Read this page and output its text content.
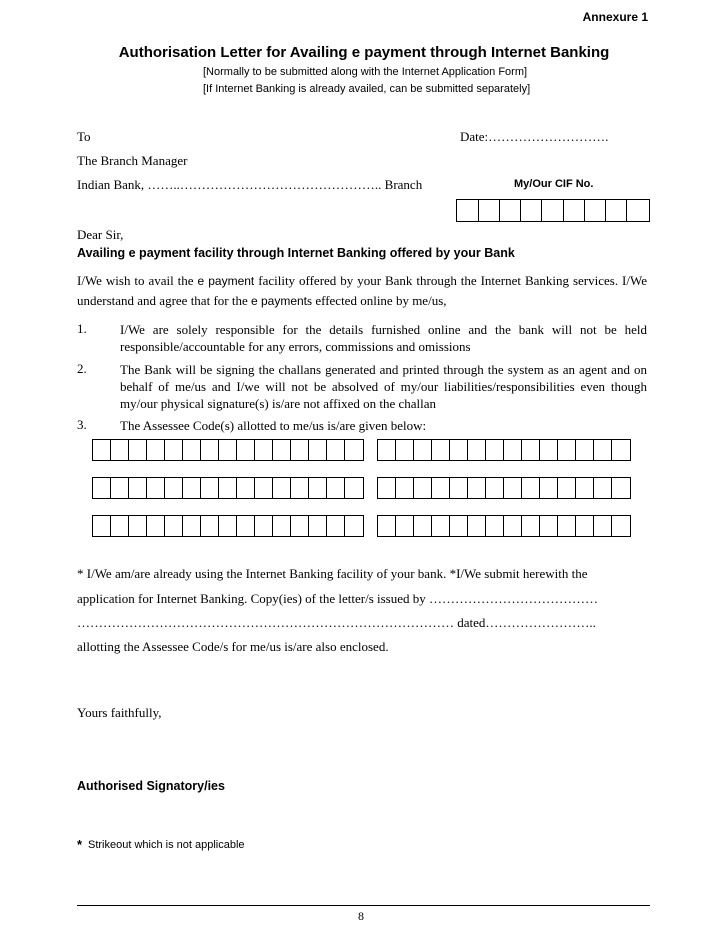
Annexure 1
Authorisation Letter for Availing e payment through Internet Banking
[Normally to be submitted along with the Internet Application Form]
[If Internet Banking is already availed, can be submitted separately]
To	Date:……………………….
The Branch Manager
Indian Bank, ……..……………………………………….. Branch	My/Our CIF No.
Dear Sir,
Availing e payment facility through Internet Banking offered by your Bank
I/We wish to avail the e payment facility offered by your Bank through the Internet Banking services. I/We understand and agree that for the e payments effected online by me/us,
1.	I/We are solely responsible for the details furnished online and the bank will not be held responsible/accountable for any errors, commissions and omissions
2.	The Bank will be signing the challans generated and printed through the system as an agent and on behalf of me/us and I/we will not be absolved of my/our liabilities/responsibilities even though my/our physical signature(s) is/are not affixed on the challan
3.	The Assessee Code(s) allotted to me/us is/are given below:
* I/We am/are already using the Internet Banking facility of your bank. *I/We submit herewith the
application for Internet Banking. Copy(ies) of the letter/s issued by …………………………………
…………………………………………………………………………… dated……………………..
allotting the Assessee Code/s for me/us is/are also enclosed.
Yours faithfully,
Authorised Signatory/ies
* Strikeout which is not applicable
8
